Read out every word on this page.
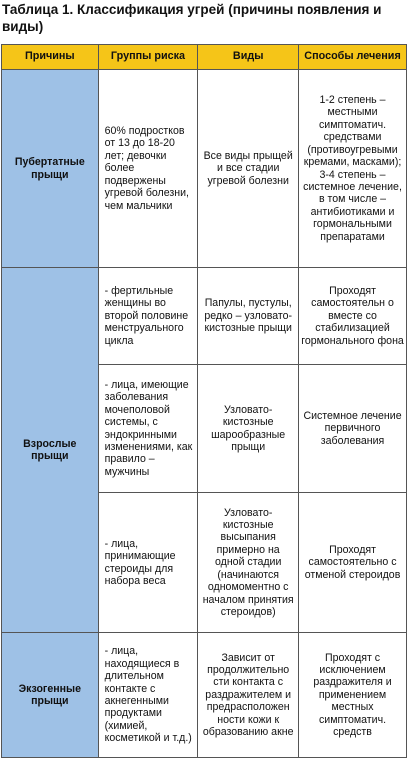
Таблица 1. Классификация угрей (причины появления и виды)
Причины	Группы риска	Виды	Способы лечения
Пубертатные прыщи	60% подростков от 13 до 18-20 лет; девочки более подвержены угревой болезни, чем мальчики	Все виды прыщей и все стадии угревой болезни	1-2 степень – местными симптоматич. средствами (противоугревыми кремами, масками); 3-4 степень – системное лечение, в том числе – антибиотиками и гормональными препаратами
Взрослые прыщи	- фертильные женщины во второй половине менструального цикла	Папулы, пустулы, редко – узловато-кистозные прыщи	Проходят самостоятельн о вместе со стабилизацией гормонального фона
	- лица, имеющие заболевания мочеполовой системы, с эндокринными изменениями, как правило – мужчины	Узловато-кистозные шарообразные прыщи	Системное лечение первичного заболевания
	- лица, принимающие стероиды для набора веса	Узловато-кистозные высыпания примерно на одной стадии (начинаются одномоментно с началом принятия стероидов)	Проходят самостоятельно с отменой стероидов
Экзогенные прыщи	- лица, находящиеся в длительном контакте с акнегенными продуктами (химией, косметикой и т.д.)	Зависит от продолжительно сти контакта с раздражителем и предрасположен ности кожи к образованию акне	Проходят с исключением раздражителя и применением местных симптоматич. средств
